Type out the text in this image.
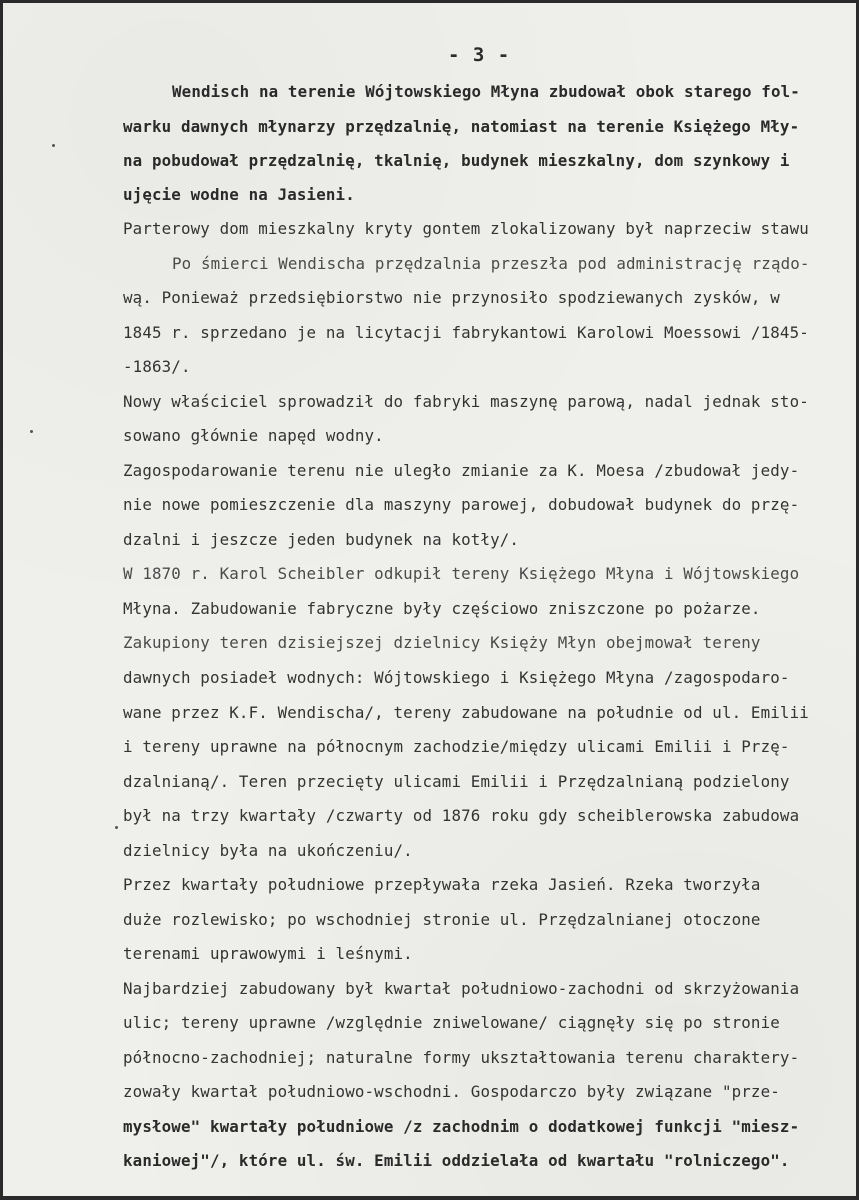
- 3 -
Wendisch na terenie Wójtowskiego Młyna zbudował obok starego fol-
warku dawnych młynarzy przędzalnię, natomiast na terenie Księżego Mły-
na pobudował przędzalnię, tkalnię, budynek mieszkalny, dom szynkowy i
ujęcie wodne na Jasieni.
Parterowy dom mieszkalny kryty gontem zlokalizowany był naprzeciw stawu
Po śmierci Wendischa przędzalnia przeszła pod administrację rządo-
wą. Ponieważ przedsiębiorstwo nie przynosiło spodziewanych zysków, w
1845 r. sprzedano je na licytacji fabrykantowi Karolowi Moessowi /1845-
-1863/.
Nowy właściciel sprowadził do fabryki maszynę parową, nadal jednak sto-
sowano głównie napęd wodny.
Zagospodarowanie terenu nie uległo zmianie za K. Moesa /zbudował jedy-
nie nowe pomieszczenie dla maszyny parowej, dobudował budynek do przę-
dzalni i jeszcze jeden budynek na kotły/.
W 1870 r. Karol Scheibler odkupił tereny Księżego Młyna i Wójtowskiego
Młyna. Zabudowanie fabryczne były częściowo zniszczone po pożarze.
Zakupiony teren dzisiejszej dzielnicy Księży Młyn obejmował tereny
dawnych posiadeł wodnych: Wójtowskiego i Księżego Młyna /zagospodaro-
wane przez K.F. Wendischa/, tereny zabudowane na południe od ul. Emilii
i tereny uprawne na północnym zachodzie/między ulicami Emilii i Przę-
dzalnianą/. Teren przecięty ulicami Emilii i Przędzalnianą podzielony
był na trzy kwartały /czwarty od 1876 roku gdy scheiblerowska zabudowa
dzielnicy była na ukończeniu/.
Przez kwartały południowe przepływała rzeka Jasień. Rzeka tworzyła
duże rozlewisko; po wschodniej stronie ul. Przędzalnianej otoczone
terenami uprawowymi i leśnymi.
Najbardziej zabudowany był kwartał południowo-zachodni od skrzyżowania
ulic; tereny uprawne /względnie zniwelowane/ ciągnęły się po stronie
północno-zachodniej; naturalne formy ukształtowania terenu charaktery-
zowały kwartał południowo-wschodni. Gospodarczo były związane "prze-
mysłowe" kwartały południowe /z zachodnim o dodatkowej funkcji "miesz-
kaniowej"/, które ul. św. Emilii oddzielała od kwartału "rolniczego".
